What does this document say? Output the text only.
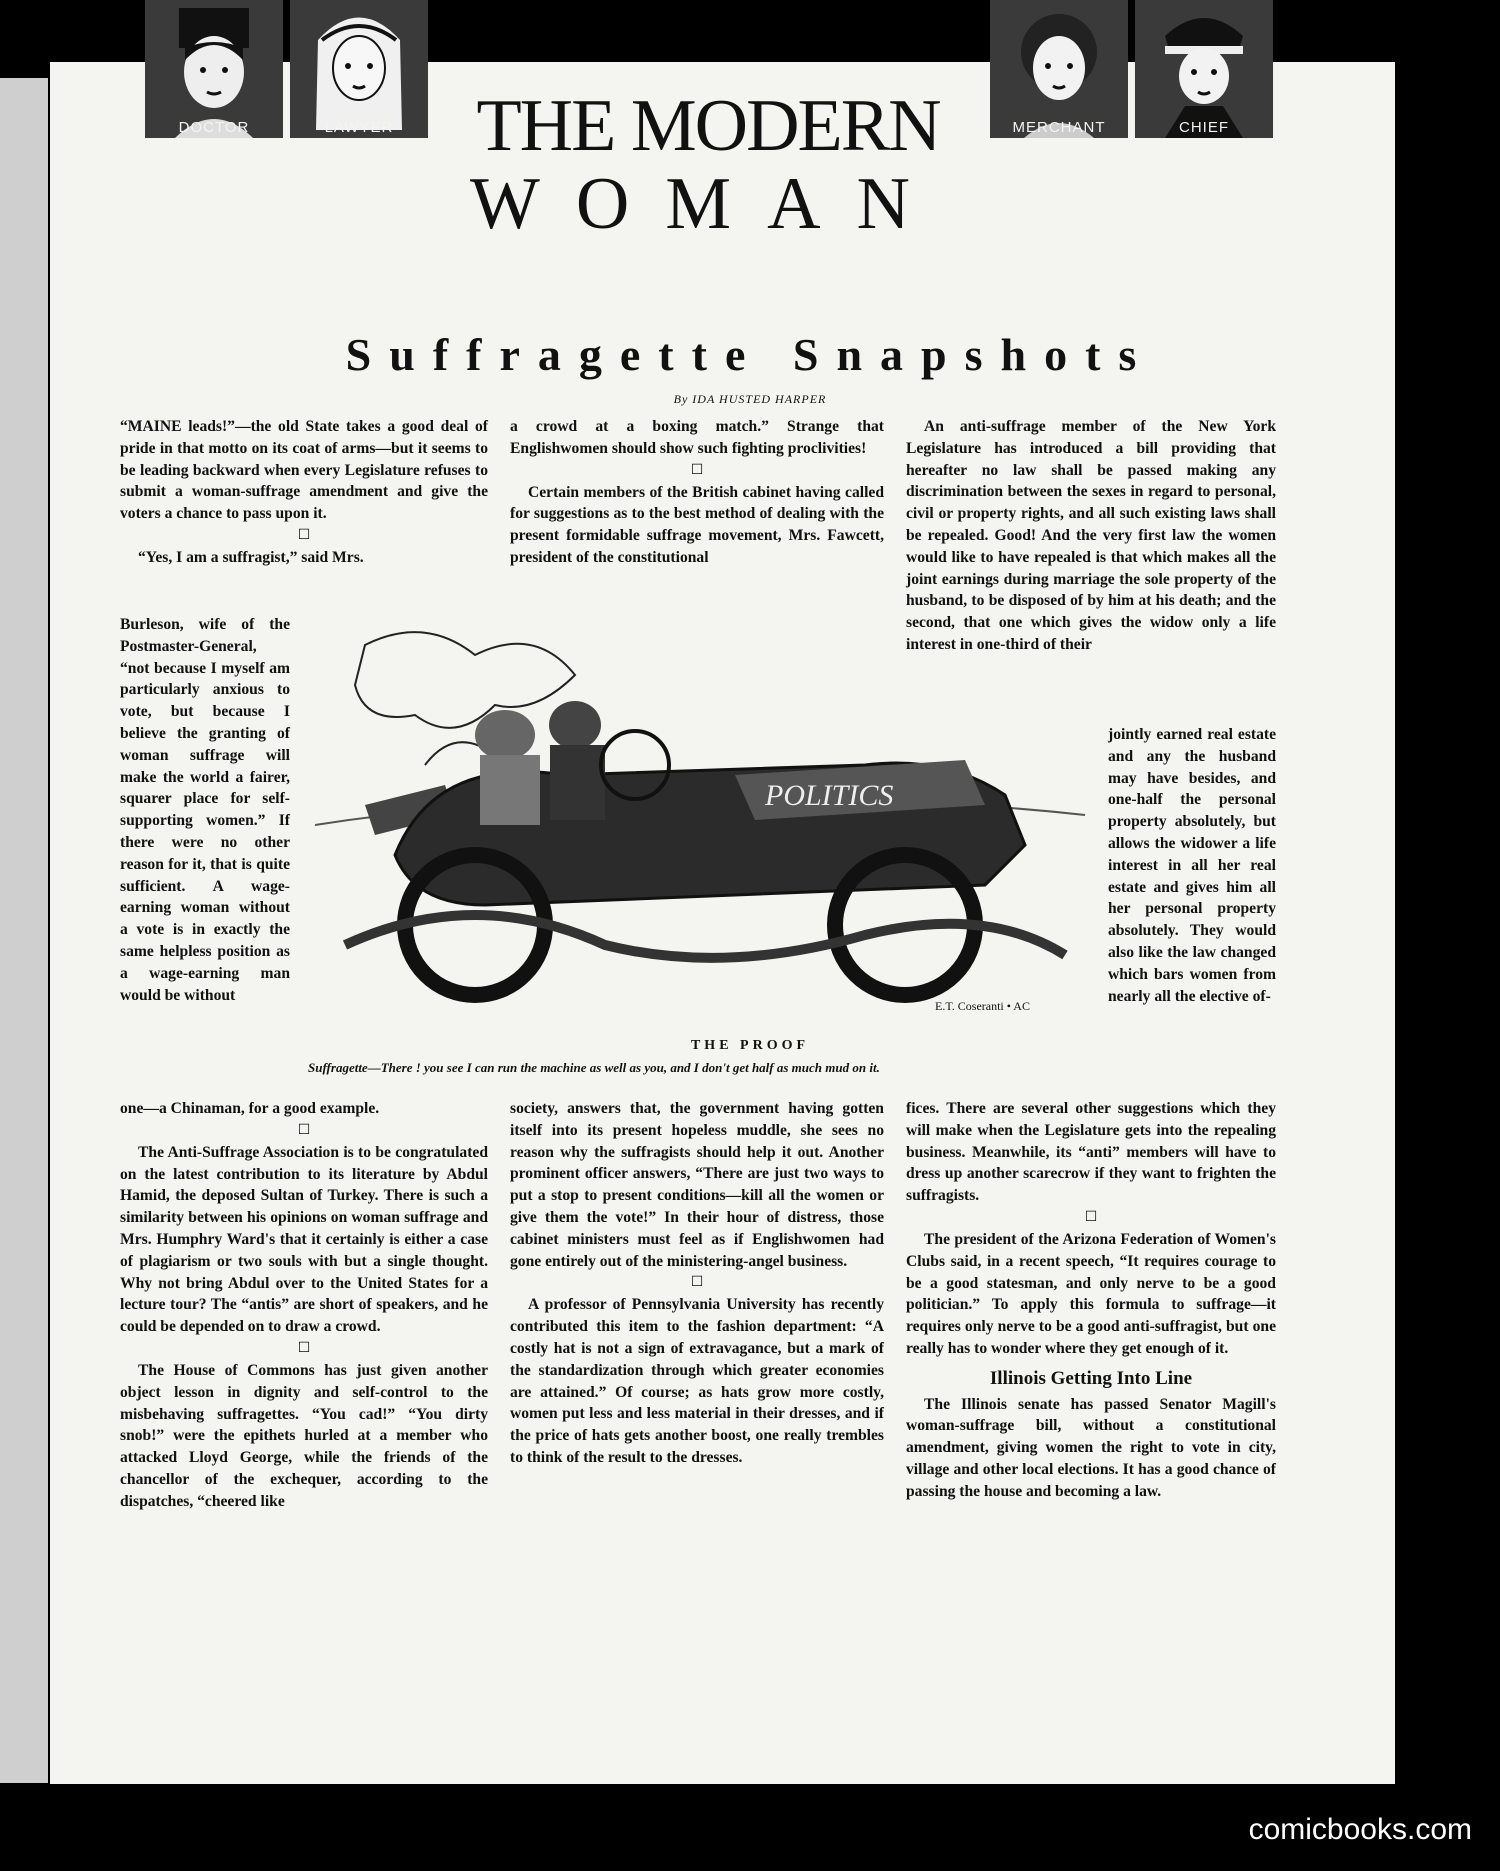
DOCTOR	LAWYER	MERCHANT	CHIEF
THE MODERN
WOMAN
Suffragette Snapshots
By IDA HUSTED HARPER

“MAINE leads!”—the old State takes a good deal of pride in that motto on its coat of arms—but it seems to be leading backward when every Legislature refuses to submit a woman-suffrage amendment and give the voters a chance to pass upon it.

☐

“Yes, I am a suffragist,” said Mrs.

Burleson, wife of the Postmaster-General, “not because I myself am particularly anxious to vote, but because I believe the granting of woman suffrage will make the world a fairer, squarer place for self-supporting women.” If there were no other reason for it, that is quite sufficient. A wage-earning woman without a vote is in exactly the same helpless position as a wage-earning man would be without

one—a Chinaman, for a good example.

☐

The Anti-Suffrage Association is to be congratulated on the latest contribution to its literature by Abdul Hamid, the deposed Sultan of Turkey. There is such a similarity between his opinions on woman suffrage and Mrs. Humphry Ward's that it certainly is either a case of plagiarism or two souls with but a single thought. Why not bring Abdul over to the United States for a lecture tour? The “antis” are short of speakers, and he could be depended on to draw a crowd.

☐

The House of Commons has just given another object lesson in dignity and self-control to the misbehaving suffragettes. “You cad!” “You dirty snob!” were the epithets hurled at a member who attacked Lloyd George, while the friends of the chancellor of the exchequer, according to the dispatches, “cheered like

a crowd at a boxing match.” Strange that Englishwomen should show such fighting proclivities!

☐

Certain members of the British cabinet having called for suggestions as to the best method of dealing with the present formidable suffrage movement, Mrs. Fawcett, president of the constitutional

society, answers that, the government having gotten itself into its present hopeless muddle, she sees no reason why the suffragists should help it out. Another prominent officer answers, “There are just two ways to put a stop to present conditions—kill all the women or give them the vote!” In their hour of distress, those cabinet ministers must feel as if Englishwomen had gone entirely out of the ministering-angel business.

☐

A professor of Pennsylvania University has recently contributed this item to the fashion department: “A costly hat is not a sign of extravagance, but a mark of the standardization through which greater economies are attained.” Of course; as hats grow more costly, women put less and less material in their dresses, and if the price of hats gets another boost, one really trembles to think of the result to the dresses.

An anti-suffrage member of the New York Legislature has introduced a bill providing that hereafter no law shall be passed making any discrimination between the sexes in regard to personal, civil or property rights, and all such existing laws shall be repealed. Good! And the very first law the women would like to have repealed is that which makes all the joint earnings during marriage the sole property of the husband, to be disposed of by him at his death; and the second, that one which gives the widow only a life interest in one-third of their

jointly earned real estate and any the husband may have besides, and one-half the personal property absolutely, but allows the widower a life interest in all her real estate and gives him all her personal property absolutely. They would also like the law changed which bars women from nearly all the elective of-

fices. There are several other suggestions which they will make when the Legislature gets into the repealing business. Meanwhile, its “anti” members will have to dress up another scarecrow if they want to frighten the suffragists.

☐

The president of the Arizona Federation of Women's Clubs said, in a recent speech, “It requires courage to be a good statesman, and only nerve to be a good politician.” To apply this formula to suffrage—it requires only nerve to be a good anti-suffragist, but one really has to wonder where they get enough of it.

Illinois Getting Into Line

The Illinois senate has passed Senator Magill's woman-suffrage bill, without a constitutional amendment, giving women the right to vote in city, village and other local elections. It has a good chance of passing the house and becoming a law.

POLITICS
E.T. Coseranti • AC
THE PROOF
Suffragette—There ! you see I can run the machine as well as you, and I don't get half as much mud on it.
comicbooks.com
